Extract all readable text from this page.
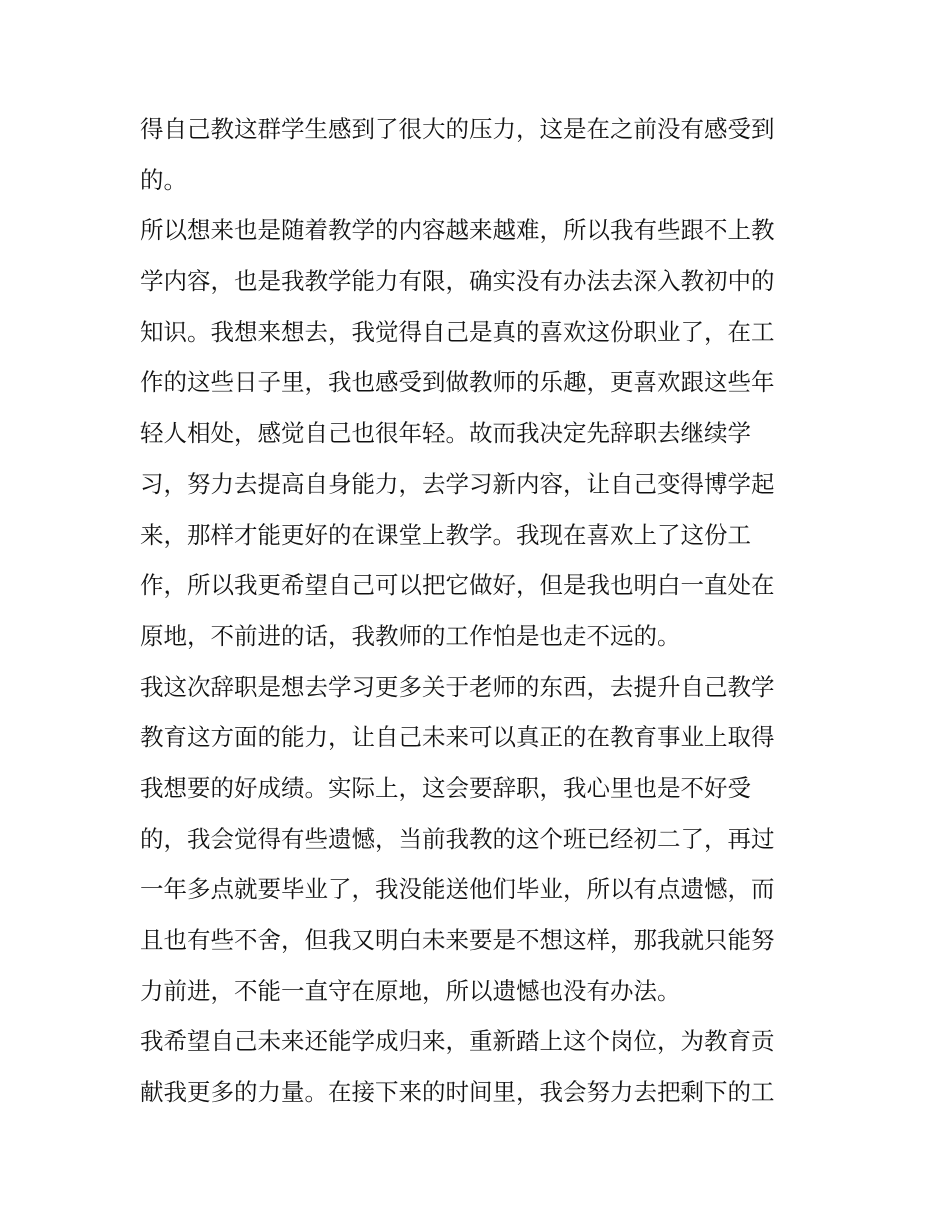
得自己教这群学生感到了很大的压力，这是在之前没有感受到

的。

所以想来也是随着教学的内容越来越难，所以我有些跟不上教

学内容，也是我教学能力有限，确实没有办法去深入教初中的

知识。我想来想去，我觉得自己是真的喜欢这份职业了，在工

作的这些日子里，我也感受到做教师的乐趣，更喜欢跟这些年

轻人相处，感觉自己也很年轻。故而我决定先辞职去继续学

习，努力去提高自身能力，去学习新内容，让自己变得博学起

来，那样才能更好的在课堂上教学。我现在喜欢上了这份工

作，所以我更希望自己可以把它做好，但是我也明白一直处在

原地，不前进的话，我教师的工作怕是也走不远的。

我这次辞职是想去学习更多关于老师的东西，去提升自己教学

教育这方面的能力，让自己未来可以真正的在教育事业上取得

我想要的好成绩。实际上，这会要辞职，我心里也是不好受

的，我会觉得有些遗憾，当前我教的这个班已经初二了，再过

一年多点就要毕业了，我没能送他们毕业，所以有点遗憾，而

且也有些不舍，但我又明白未来要是不想这样，那我就只能努

力前进，不能一直守在原地，所以遗憾也没有办法。

我希望自己未来还能学成归来，重新踏上这个岗位，为教育贡

献我更多的力量。在接下来的时间里，我会努力去把剩下的工
